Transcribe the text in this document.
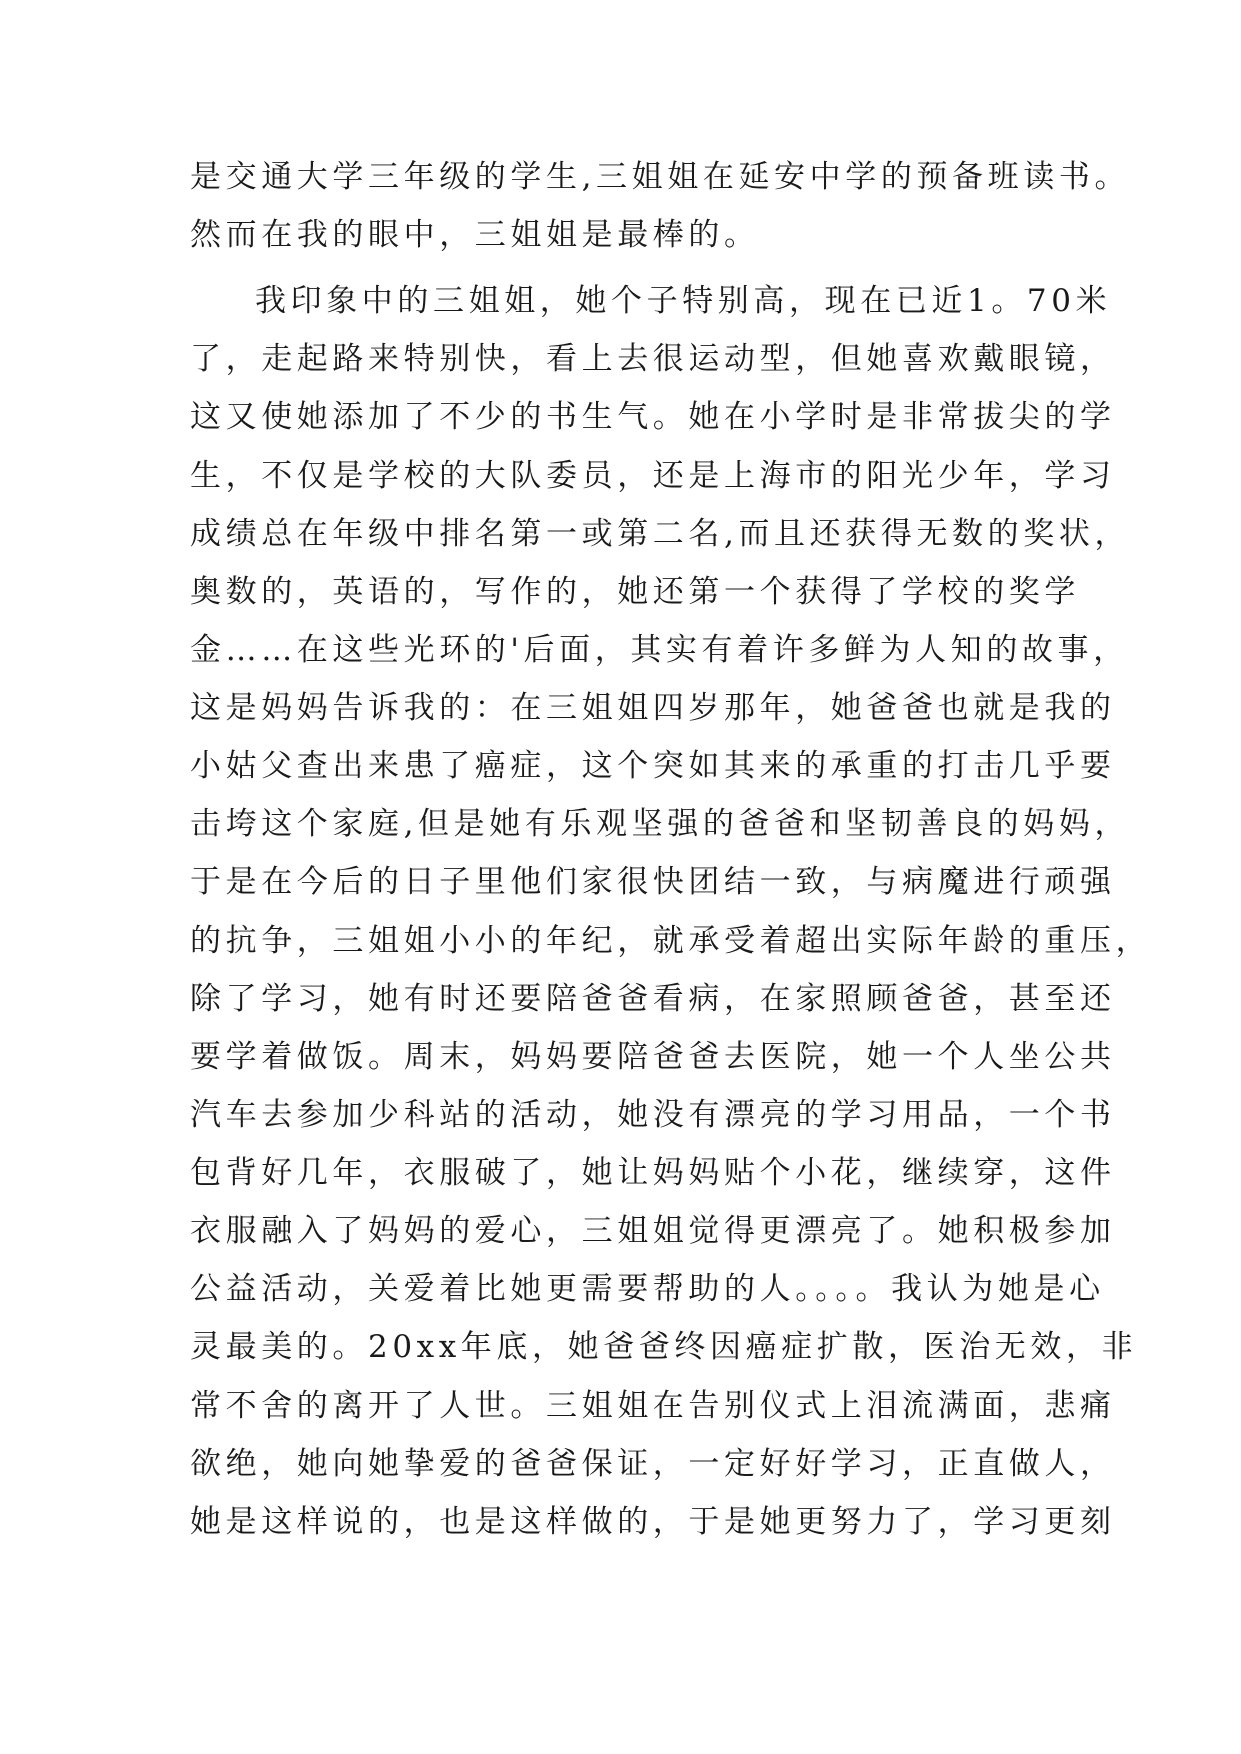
是交通大学三年级的学生,三姐姐在延安中学的预备班读书。
然而在我的眼中，三姐姐是最棒的。
我印象中的三姐姐，她个子特别高，现在已近1。70米
了，走起路来特别快，看上去很运动型，但她喜欢戴眼镜，
这又使她添加了不少的书生气。她在小学时是非常拔尖的学
生，不仅是学校的大队委员，还是上海市的阳光少年，学习
成绩总在年级中排名第一或第二名,而且还获得无数的奖状，
奥数的，英语的，写作的，她还第一个获得了学校的奖学
金……在这些光环的'后面，其实有着许多鲜为人知的故事，
这是妈妈告诉我的：在三姐姐四岁那年，她爸爸也就是我的
小姑父查出来患了癌症，这个突如其来的承重的打击几乎要
击垮这个家庭,但是她有乐观坚强的爸爸和坚韧善良的妈妈，
于是在今后的日子里他们家很快团结一致，与病魔进行顽强
的抗争，三姐姐小小的年纪，就承受着超出实际年龄的重压，
除了学习，她有时还要陪爸爸看病，在家照顾爸爸，甚至还
要学着做饭。周末，妈妈要陪爸爸去医院，她一个人坐公共
汽车去参加少科站的活动，她没有漂亮的学习用品，一个书
包背好几年，衣服破了，她让妈妈贴个小花，继续穿，这件
衣服融入了妈妈的爱心，三姐姐觉得更漂亮了。她积极参加
公益活动，关爱着比她更需要帮助的人。。。。我认为她是心
灵最美的。20xx年底，她爸爸终因癌症扩散，医治无效，非
常不舍的离开了人世。三姐姐在告别仪式上泪流满面，悲痛
欲绝，她向她挚爱的爸爸保证，一定好好学习，正直做人，
她是这样说的，也是这样做的，于是她更努力了，学习更刻
